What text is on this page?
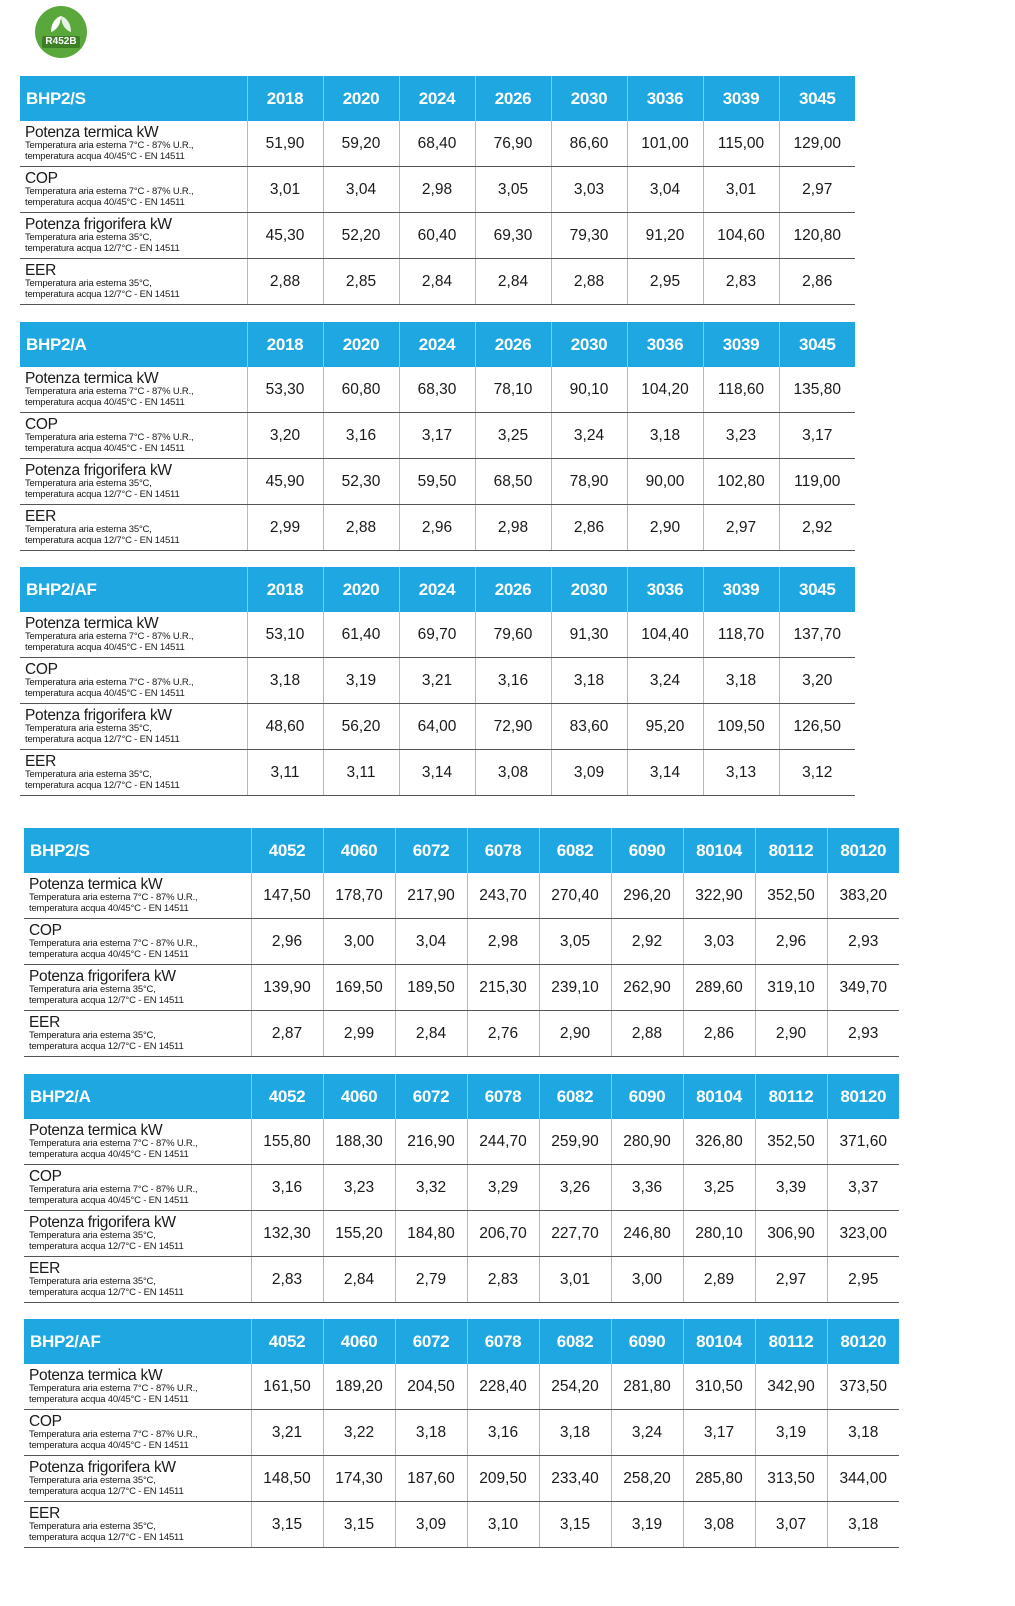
R452B
BHP2/S	2018	2020	2024	2026	2030	3036	3039	3045

Potenza termica kW
Temperatura aria esterna 7°C - 87% U.R.,
temperatura acqua 40/45°C - EN 14511	51,90	59,20	68,40	76,90	86,60	101,00	115,00	129,00

COP
Temperatura aria esterna 7°C - 87% U.R.,
temperatura acqua 40/45°C - EN 14511	3,01	3,04	2,98	3,05	3,03	3,04	3,01	2,97

Potenza frigorifera kW
Temperatura aria esterna 35°C,
temperatura acqua 12/7°C - EN 14511	45,30	52,20	60,40	69,30	79,30	91,20	104,60	120,80

EER
Temperatura aria esterna 35°C,
temperatura acqua 12/7°C - EN 14511	2,88	2,85	2,84	2,84	2,88	2,95	2,83	2,86
BHP2/A	2018	2020	2024	2026	2030	3036	3039	3045

Potenza termica kW
Temperatura aria esterna 7°C - 87% U.R.,
temperatura acqua 40/45°C - EN 14511	53,30	60,80	68,30	78,10	90,10	104,20	118,60	135,80

COP
Temperatura aria esterna 7°C - 87% U.R.,
temperatura acqua 40/45°C - EN 14511	3,20	3,16	3,17	3,25	3,24	3,18	3,23	3,17

Potenza frigorifera kW
Temperatura aria esterna 35°C,
temperatura acqua 12/7°C - EN 14511	45,90	52,30	59,50	68,50	78,90	90,00	102,80	119,00

EER
Temperatura aria esterna 35°C,
temperatura acqua 12/7°C - EN 14511	2,99	2,88	2,96	2,98	2,86	2,90	2,97	2,92
BHP2/AF	2018	2020	2024	2026	2030	3036	3039	3045

Potenza termica kW
Temperatura aria esterna 7°C - 87% U.R.,
temperatura acqua 40/45°C - EN 14511	53,10	61,40	69,70	79,60	91,30	104,40	118,70	137,70

COP
Temperatura aria esterna 7°C - 87% U.R.,
temperatura acqua 40/45°C - EN 14511	3,18	3,19	3,21	3,16	3,18	3,24	3,18	3,20

Potenza frigorifera kW
Temperatura aria esterna 35°C,
temperatura acqua 12/7°C - EN 14511	48,60	56,20	64,00	72,90	83,60	95,20	109,50	126,50

EER
Temperatura aria esterna 35°C,
temperatura acqua 12/7°C - EN 14511	3,11	3,11	3,14	3,08	3,09	3,14	3,13	3,12
BHP2/S	4052	4060	6072	6078	6082	6090	80104	80112	80120

Potenza termica kW
Temperatura aria esterna 7°C - 87% U.R.,
temperatura acqua 40/45°C - EN 14511	147,50	178,70	217,90	243,70	270,40	296,20	322,90	352,50	383,20

COP
Temperatura aria esterna 7°C - 87% U.R.,
temperatura acqua 40/45°C - EN 14511	2,96	3,00	3,04	2,98	3,05	2,92	3,03	2,96	2,93

Potenza frigorifera kW
Temperatura aria esterna 35°C,
temperatura acqua 12/7°C - EN 14511	139,90	169,50	189,50	215,30	239,10	262,90	289,60	319,10	349,70

EER
Temperatura aria esterna 35°C,
temperatura acqua 12/7°C - EN 14511	2,87	2,99	2,84	2,76	2,90	2,88	2,86	2,90	2,93
BHP2/A	4052	4060	6072	6078	6082	6090	80104	80112	80120

Potenza termica kW
Temperatura aria esterna 7°C - 87% U.R.,
temperatura acqua 40/45°C - EN 14511	155,80	188,30	216,90	244,70	259,90	280,90	326,80	352,50	371,60

COP
Temperatura aria esterna 7°C - 87% U.R.,
temperatura acqua 40/45°C - EN 14511	3,16	3,23	3,32	3,29	3,26	3,36	3,25	3,39	3,37

Potenza frigorifera kW
Temperatura aria esterna 35°C,
temperatura acqua 12/7°C - EN 14511	132,30	155,20	184,80	206,70	227,70	246,80	280,10	306,90	323,00

EER
Temperatura aria esterna 35°C,
temperatura acqua 12/7°C - EN 14511	2,83	2,84	2,79	2,83	3,01	3,00	2,89	2,97	2,95
BHP2/AF	4052	4060	6072	6078	6082	6090	80104	80112	80120

Potenza termica kW
Temperatura aria esterna 7°C - 87% U.R.,
temperatura acqua 40/45°C - EN 14511	161,50	189,20	204,50	228,40	254,20	281,80	310,50	342,90	373,50

COP
Temperatura aria esterna 7°C - 87% U.R.,
temperatura acqua 40/45°C - EN 14511	3,21	3,22	3,18	3,16	3,18	3,24	3,17	3,19	3,18

Potenza frigorifera kW
Temperatura aria esterna 35°C,
temperatura acqua 12/7°C - EN 14511	148,50	174,30	187,60	209,50	233,40	258,20	285,80	313,50	344,00

EER
Temperatura aria esterna 35°C,
temperatura acqua 12/7°C - EN 14511	3,15	3,15	3,09	3,10	3,15	3,19	3,08	3,07	3,18
